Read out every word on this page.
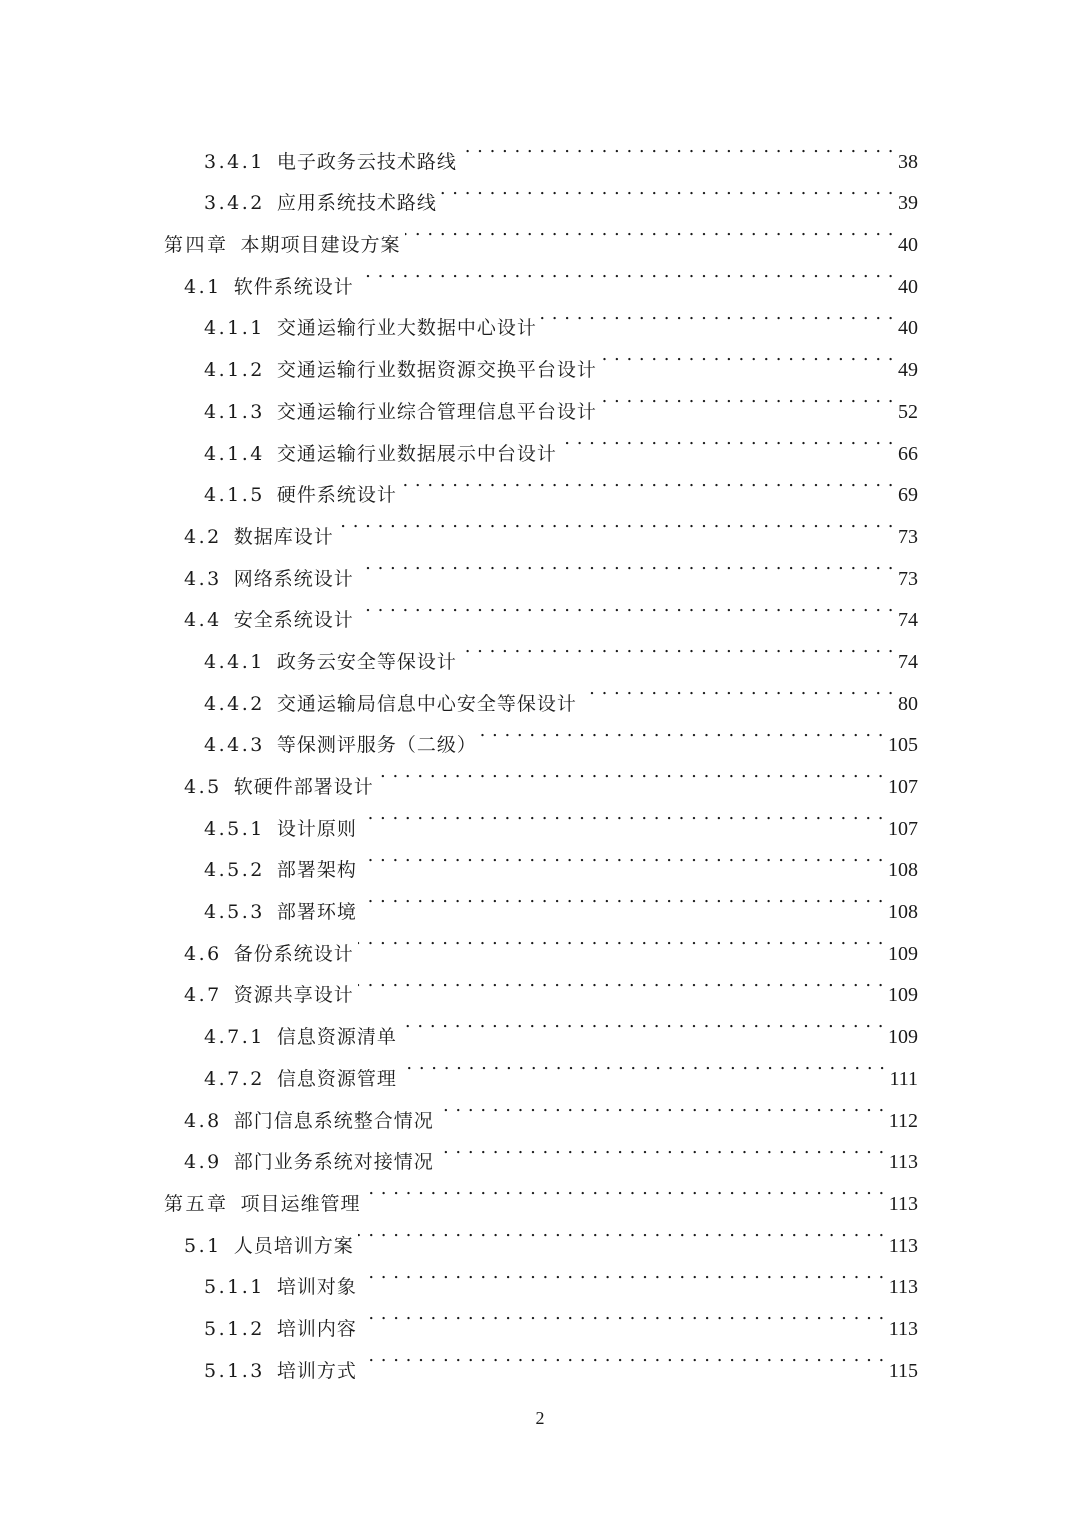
3.4.1 电子政务云技术路线 . . .	38
3.4.2 应用系统技术路线 . . .	39
第四章 本期项目建设方案 . . .	40
4.1 软件系统设计 . . .	40
4.1.1 交通运输行业大数据中心设计 . . .	40
4.1.2 交通运输行业数据资源交换平台设计 . . .	49
4.1.3 交通运输行业综合管理信息平台设计 . . .	52
4.1.4 交通运输行业数据展示中台设计 . . .	66
4.1.5 硬件系统设计 . . .	69
4.2 数据库设计 . . .	73
4.3 网络系统设计 . . .	73
4.4 安全系统设计 . . .	74
4.4.1 政务云安全等保设计 . . .	74
4.4.2 交通运输局信息中心安全等保设计 . . .	80
4.4.3 等保测评服务（二级） . . .	105
4.5 软硬件部署设计 . . .	107
4.5.1 设计原则 . . .	107
4.5.2 部署架构 . . .	108
4.5.3 部署环境 . . .	108
4.6 备份系统设计 . . .	109
4.7 资源共享设计 . . .	109
4.7.1 信息资源清单 . . .	109
4.7.2 信息资源管理 . . .	111
4.8 部门信息系统整合情况 . . .	112
4.9 部门业务系统对接情况 . . .	113
第五章 项目运维管理 . . .	113
5.1 人员培训方案 . . .	113
5.1.1 培训对象 . . .	113
5.1.2 培训内容 . . .	113
5.1.3 培训方式 . . .	115
2
